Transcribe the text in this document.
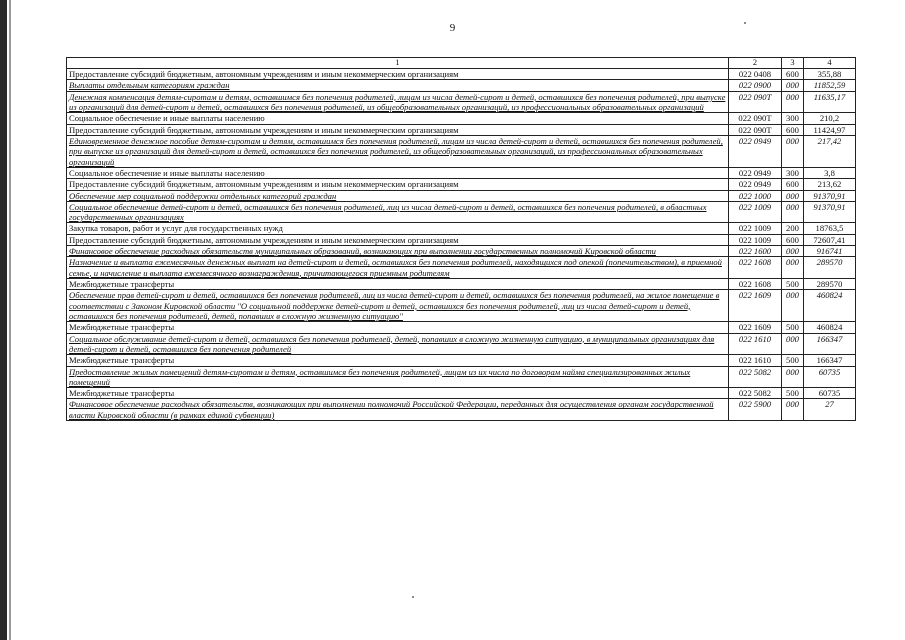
9
1	2	3	4
Предоставление субсидий бюджетным, автономным учреждениям и иным некоммерческим организациям	022 0408	600	355,88
Выплаты отдельным категориям граждан	022 0900	000	11852,59
Денежная компенсация детям-сиротам и детям, оставшимся без попечения родителей, лицам из числа детей-сирот и детей, оставшихся без попечения родителей, при выпуске из организаций для детей-сирот и детей, оставшихся без попечения родителей, из общеобразовательных организаций, из профессиональных образовательных организаций	022 090Т	000	11635,17
Социальное обеспечение и иные выплаты населению	022 090Т	300	210,2
Предоставление субсидий бюджетным, автономным учреждениям и иным некоммерческим организациям	022 090Т	600	11424,97
Единовременное денежное пособие детям-сиротам и детям, оставшимся без попечения родителей, лицам из числа детей-сирот и детей, оставшихся без попечения родителей, при выпуске из организаций для детей-сирот и детей, оставшихся без попечения родителей, из общеобразовательных организаций, из профессиональных образовательных организаций	022 0949	000	217,42
Социальное обеспечение и иные выплаты населению	022 0949	300	3,8
Предоставление субсидий бюджетным, автономным учреждениям и иным некоммерческим организациям	022 0949	600	213,62
Обеспечение мер социальной поддержки отдельных категорий граждан	022 1000	000	91370,91
Социальное обеспечение детей-сирот и детей, оставшихся без попечения родителей, лиц из числа детей-сирот и детей, оставшихся без попечения родителей, в областных государственных организациях	022 1009	000	91370,91
Закупка товаров, работ и услуг для государственных нужд	022 1009	200	18763,5
Предоставление субсидий бюджетным, автономным учреждениям и иным некоммерческим организациям	022 1009	600	72607,41
Финансовое обеспечение расходных обязательств муниципальных образований, возникающих при выполнении государственных полномочий Кировской области	022 1600	000	916741
Назначение и выплата ежемесячных денежных выплат на детей-сирот и детей, оставшихся без попечения родителей, находящихся под опекой (попечительством), в приемной семье, и начисление и выплата ежемесячного вознаграждения, причитающегося приемным родителям	022 1608	000	289570
Межбюджетные трансферты	022 1608	500	289570
Обеспечение прав детей-сирот и детей, оставшихся без попечения родителей, лиц из числа детей-сирот и детей, оставшихся без попечения родителей, на жилое помещение в соответствии с Законом Кировской области "О социальной поддержке детей-сирот и детей, оставшихся без попечения родителей, лиц из числа детей-сирот и детей, оставшихся без попечения родителей, детей, попавших в сложную жизненную ситуацию"	022 1609	000	460824
Межбюджетные трансферты	022 1609	500	460824
Социальное обслуживание детей-сирот и детей, оставшихся без попечения родителей, детей, попавших в сложную жизненную ситуацию, в муниципальных организациях для детей-сирот и детей, оставшихся без попечения родителей	022 1610	000	166347
Межбюджетные трансферты	022 1610	500	166347
Предоставление жилых помещений детям-сиротам и детям, оставшимся без попечения родителей, лицам из их числа по договорам найма специализированных жилых помещений	022 5082	000	60735
Межбюджетные трансферты	022 5082	500	60735
Финансовое обеспечение расходных обязательств, возникающих при выполнении полномочий Российской Федерации, переданных для осуществления органам государственной власти Кировской области (в рамках единой субвенции)	022 5900	000	27
